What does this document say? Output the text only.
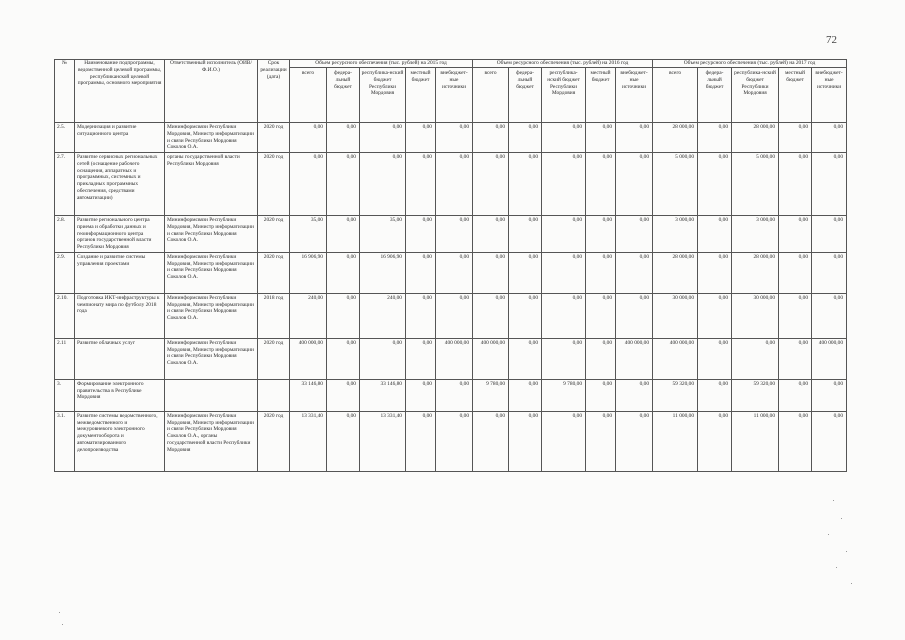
72
№	Наименование подпрограммы, ведомственной целевой программы, республиканской целевой программы, основного мероприятия	Ответственный исполнитель (ОИВ/Ф.И.О.)	Срок реализации (дата)	Объем ресурсного обеспечения (тыс. рублей) на 2015 год					Объем ресурсного обеспечения (тыс. рублей) на 2016 год					Объем ресурсного обеспечения (тыс. рублей) на 2017 год				
				всего	федера-льный бюджет	республика-нский бюджет Республики Мордовия	местный бюджет	внебюджет-ные источники	всего	федера-льный бюджет	республика-нский бюджет Республики Мордовия	местный бюджет	внебюджет-ные источники	всего	федера-льный бюджет	республика-нский бюджет Республики Мордовия	местный бюджет	внебюджет-ные источники
2.5.	Модернизация и развитие ситуационного центра	Мининформсвязи Республики Мордовия, Министр информатизации и связи Республики Мордовия Соколов О.А.	2020 год	0,00	0,00	0,00	0,00	0,00	0,00	0,00	0,00	0,00	0,00	28 000,00	0,00	28 000,00	0,00	0,00
2.7.	Развитие сервисных региональных сетей (оснащение рабочего оснащения, аппаратных и программных, системных и прикладных программных обеспечения, средствами автоматизации)	органы государственной власти Республики Мордовия	2020 год	0,00	0,00	0,00	0,00	0,00	0,00	0,00	0,00	0,00	0,00	5 000,00	0,00	5 000,00	0,00	0,00
2.8.	Развитие регионального центра приема и обработки данных и геоинформационного центра органов государственной власти Республики Мордовия	Мининформсвязи Республики Мордовия, Министр информатизации и связи Республики Мордовия Соколов О.А.	2020 год	35,00	0,00	35,00	0,00	0,00	0,00	0,00	0,00	0,00	0,00	3 000,00	0,00	3 000,00	0,00	0,00
2.9.	Создание и развитие системы управления проектами	Мининформсвязи Республики Мордовия, Министр информатизации и связи Республики Мордовия Соколов О.А.	2020 год	16 906,90	0,00	16 906,90	0,00	0,00	0,00	0,00	0,00	0,00	0,00	28 000,00	0,00	28 000,00	0,00	0,00
2.10.	Подготовка ИКТ-инфраструктуры к чемпионату мира по футболу 2018 года	Мининформсвязи Республики Мордовия, Министр информатизации и связи Республики Мордовия Соколов О.А.	2018 год	240,00	0,00	240,00	0,00	0,00	0,00	0,00	0,00	0,00	0,00	30 000,00	0,00	30 000,00	0,00	0,00
2.11	Развитие облачных услуг	Мининформсвязи Республики Мордовия, Министр информатизации и связи Республики Мордовия Соколов О.А.	2020 год	400 000,00	0,00	0,00	0,00	400 000,00	400 000,00	0,00	0,00	0,00	400 000,00	400 000,00	0,00	0,00	0,00	400 000,00
3.	Формирование электронного правительства в Республике Мордовия			33 146,80	0,00	33 146,80	0,00	0,00	9 780,00	0,00	9 780,00	0,00	0,00	59 320,00	0,00	59 320,00	0,00	0,00
3.1.	Развитие системы ведомственного, межведомственного и межуровневого электронного документооборота и автоматизированного делопроизводства	Мининформсвязи Республики Мордовия, Министр информатизации и связи Республики Мордовия Соколов О.А., органы государственной власти Республики Мордовия	2020 год	13 331,40	0,00	13 331,40	0,00	0,00	0,00	0,00	0,00	0,00	0,00	11 000,00	0,00	11 000,00	0,00	0,00
